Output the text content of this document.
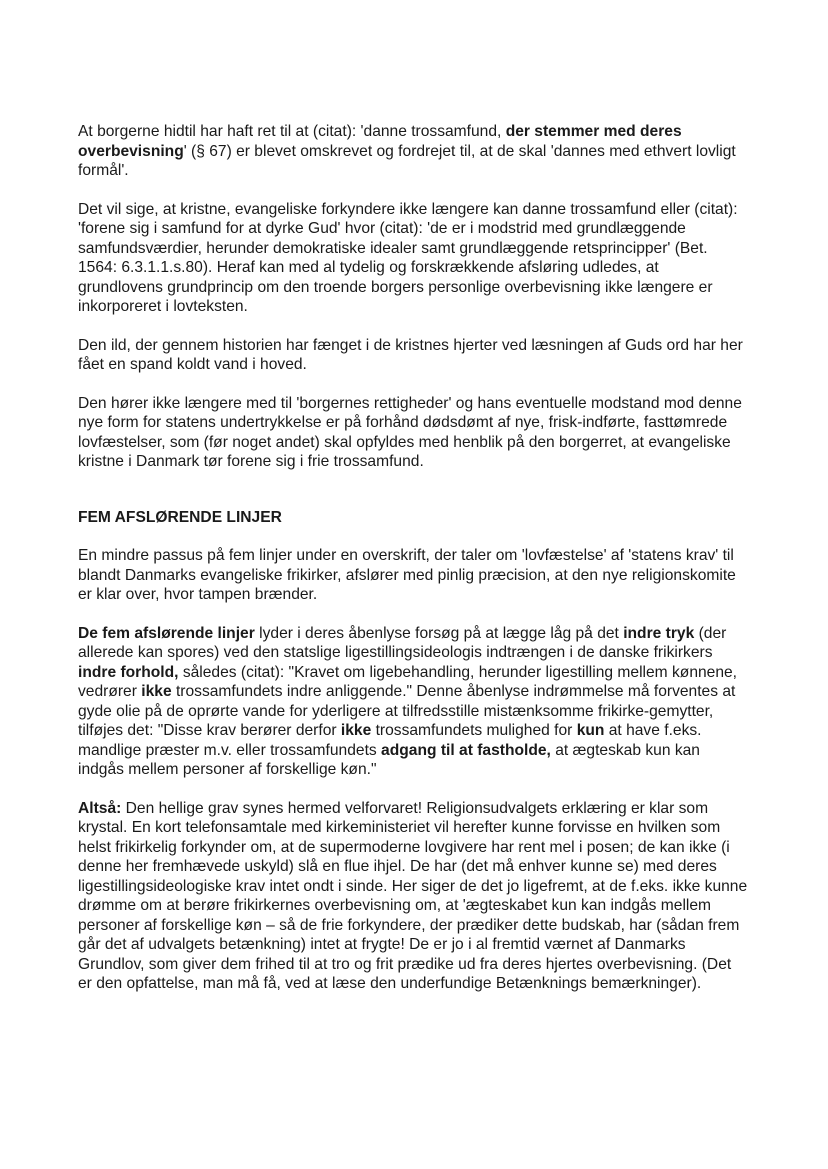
At borgerne hidtil har haft ret til at (citat): 'danne trossamfund, der stemmer med deres overbevisning' (§ 67) er blevet omskrevet og fordrejet til, at de skal 'dannes med ethvert lovligt formål'.

Det vil sige, at kristne, evangeliske forkyndere ikke længere kan danne trossamfund eller (citat): 'forene sig i samfund for at dyrke Gud' hvor (citat): 'de er i modstrid med grundlæggende samfundsværdier, herunder demokratiske idealer samt grundlæggende retsprincipper' (Bet. 1564: 6.3.1.1.s.80). Heraf kan med al tydelig og forskrækkende afsløring udledes, at grundlovens grundprincip om den troende borgers personlige overbevisning ikke længere er inkorporeret i lovteksten.

Den ild, der gennem historien har fænget i de kristnes hjerter ved læsningen af Guds ord har her fået en spand koldt vand i hoved.

Den hører ikke længere med til 'borgernes rettigheder' og hans eventuelle modstand mod denne nye form for statens undertrykkelse er på forhånd dødsdømt af nye, frisk-indførte, fasttømrede lovfæstelser, som (før noget andet) skal opfyldes med henblik på den borgerret, at evangeliske kristne i Danmark tør forene sig i frie trossamfund.

FEM AFSLØRENDE LINJER

En mindre passus på fem linjer under en overskrift, der taler om 'lovfæstelse' af 'statens krav' til blandt Danmarks evangeliske frikirker, afslører med pinlig præcision, at den nye religionskomite er klar over, hvor tampen brænder.

De fem afslørende linjer lyder i deres åbenlyse forsøg på at lægge låg på det indre tryk (der allerede kan spores) ved den statslige ligestillingsideologis indtrængen i de danske frikirkers indre forhold, således (citat): "Kravet om ligebehandling, herunder ligestilling mellem kønnene, vedrører ikke trossamfundets indre anliggende." Denne åbenlyse indrømmelse må forventes at gyde olie på de oprørte vande for yderligere at tilfredsstille mistænksomme frikirke-gemytter, tilføjes det: "Disse krav berører derfor ikke trossamfundets mulighed for kun at have f.eks. mandlige præster m.v. eller trossamfundets adgang til at fastholde, at ægteskab kun kan indgås mellem personer af forskellige køn."

Altså: Den hellige grav synes hermed velforvaret! Religionsudvalgets erklæring er klar som krystal. En kort telefonsamtale med kirkeministeriet vil herefter kunne forvisse en hvilken som helst frikirkelig forkynder om, at de supermoderne lovgivere har rent mel i posen; de kan ikke (i denne her fremhævede uskyld) slå en flue ihjel. De har (det må enhver kunne se) med deres ligestillingsideologiske krav intet ondt i sinde. Her siger de det jo ligefremt, at de f.eks. ikke kunne drømme om at berøre frikirkernes overbevisning om, at 'ægteskabet kun kan indgås mellem personer af forskellige køn – så de frie forkyndere, der prædiker dette budskab, har (sådan frem går det af udvalgets betænkning) intet at frygte! De er jo i al fremtid værnet af Danmarks Grundlov, som giver dem frihed til at tro og frit prædike ud fra deres hjertes overbevisning. (Det er den opfattelse, man må få, ved at læse den underfundige Betænknings bemærkninger).
